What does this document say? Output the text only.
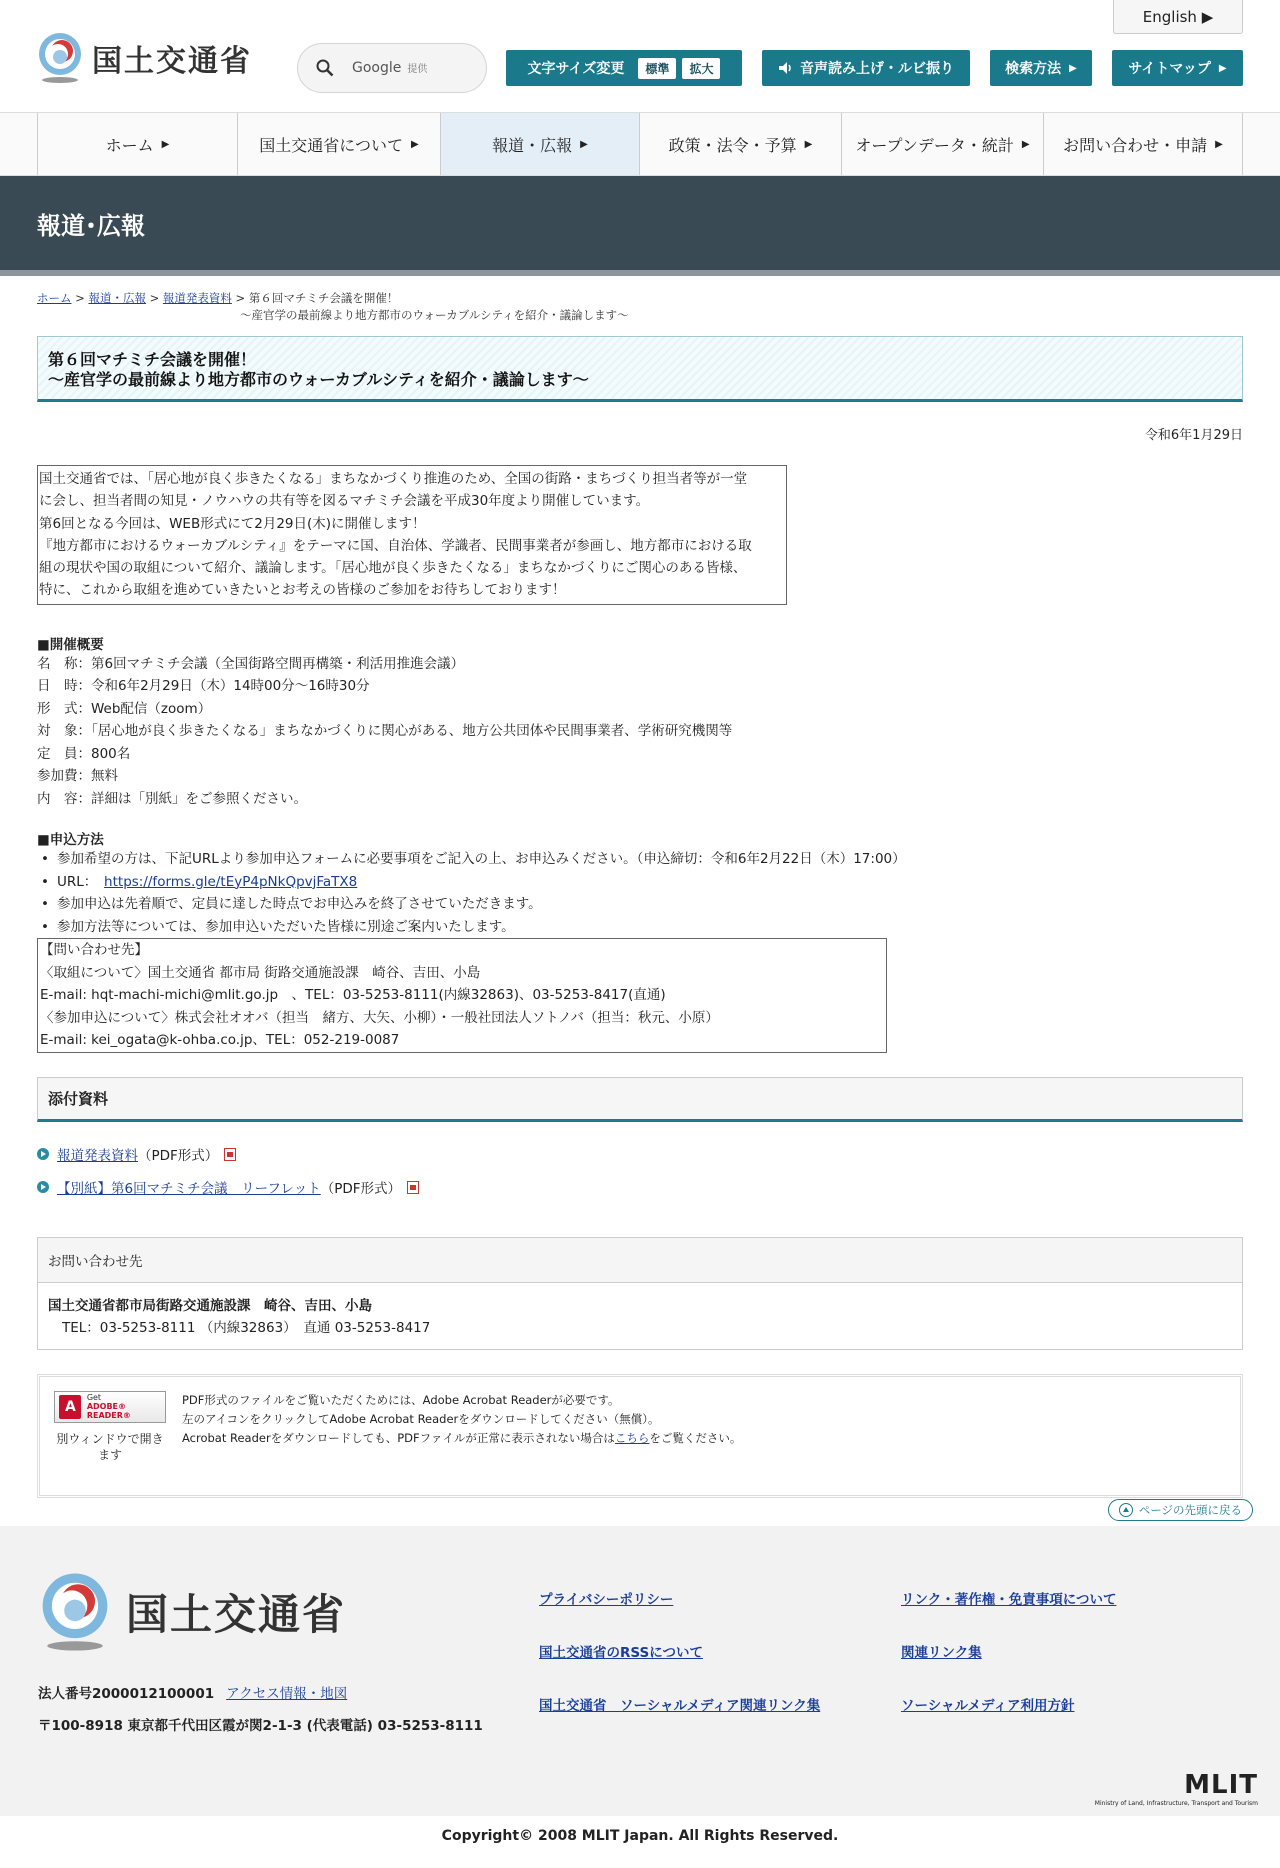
国土交通省
English ▶
Google 提供	文字サイズ変更	標準	拡大	音声読み上げ・ルビ振り	検索方法 ▶	サイトマップ ▶
ホーム ▶	国土交通省について ▶	報道・広報 ▶	政策・法令・予算 ▶	オープンデータ・統計 ▶ お問い合わせ・申請 ▶
報道･広報
ホーム > 報道・広報 > 報道発表資料 > 第６回マチミチ会議を開催！
～産官学の最前線より地方都市のウォーカブルシティを紹介・議論します～
第６回マチミチ会議を開催！
～産官学の最前線より地方都市のウォーカブルシティを紹介・議論します～
令和6年1月29日
国土交通省では、「居心地が良く歩きたくなる」まちなかづくり推進のため、全国の街路・まちづくり担当者等が一堂
に会し、担当者間の知見・ノウハウの共有等を図るマチミチ会議を平成30年度より開催しています。
第6回となる今回は、WEB形式にて2月29日(木)に開催します！
『地方都市におけるウォーカブルシティ』をテーマに国、自治体、学識者、民間事業者が参画し、地方都市における取
組の現状や国の取組について紹介、議論します。「居心地が良く歩きたくなる」まちなかづくりにご関心のある皆様、
特に、これから取組を進めていきたいとお考えの皆様のご参加をお待ちしております！
■開催概要
名　称：第6回マチミチ会議（全国街路空間再構築・利活用推進会議）
日　時：令和6年2月29日（木）14時00分～16時30分
形　式：Web配信（zoom）
対　象：「居心地が良く歩きたくなる」まちなかづくりに関心がある、地方公共団体や民間事業者、学術研究機関等
定　員：800名
参加費：無料
内　容：詳細は「別紙」をご参照ください。
■申込方法
• 参加希望の方は、下記URLより参加申込フォームに必要事項をご記入の上、お申込みください。（申込締切：令和6年2月22日（木）17:00）
• URL：　 https://forms.gle/tEyP4pNkQpvjFaTX8
• 参加申込は先着順で、定員に達した時点でお申込みを終了させていただきます。
• 参加方法等については、参加申込いただいた皆様に別途ご案内いたします。
【問い合わせ先】
〈取組について〉国土交通省 都市局 街路交通施設課　崎谷、吉田、小島
E-mail: hqt-machi-michi@mlit.go.jp　、TEL：03-5253-8111(内線32863)、03-5253-8417(直通)
〈参加申込について〉株式会社オオバ（担当　緒方、大矢、小柳）・一般社団法人ソトノバ（担当：秋元、小原）
E-mail: kei_ogata@k-ohba.co.jp、TEL：052-219-0087
添付資料
報道発表資料 （PDF形式）
【別紙】第6回マチミチ会議　リーフレット （PDF形式）
お問い合わせ先
国土交通省都市局街路交通施設課　崎谷、吉田、小島
TEL：03-5253-8111 （内線32863）　直通 03-5253-8417
A
Get
ADOBE® READER®
別ウィンドウで開きます
PDF形式のファイルをご覧いただくためには、Adobe Acrobat Readerが必要です。
左のアイコンをクリックしてAdobe Acrobat Readerをダウンロードしてください（無償）。
Acrobat Readerをダウンロードしても、PDFファイルが正常に表示されない場合はこちらをご覧ください。
ページの先頭に戻る
国土交通省
法人番号2000012100001 アクセス情報・地図
〒100-8918 東京都千代田区霞が関2-1-3 (代表電話) 03-5253-8111
プライバシーポリシー	リンク・著作権・免責事項について
国土交通省のRSSについて	関連リンク集
国土交通省　ソーシャルメディア関連リンク集	ソーシャルメディア利用方針
MLIT
Ministry of Land, Infrastructure, Transport and Tourism
Copyright© 2008 MLIT Japan. All Rights Reserved.
